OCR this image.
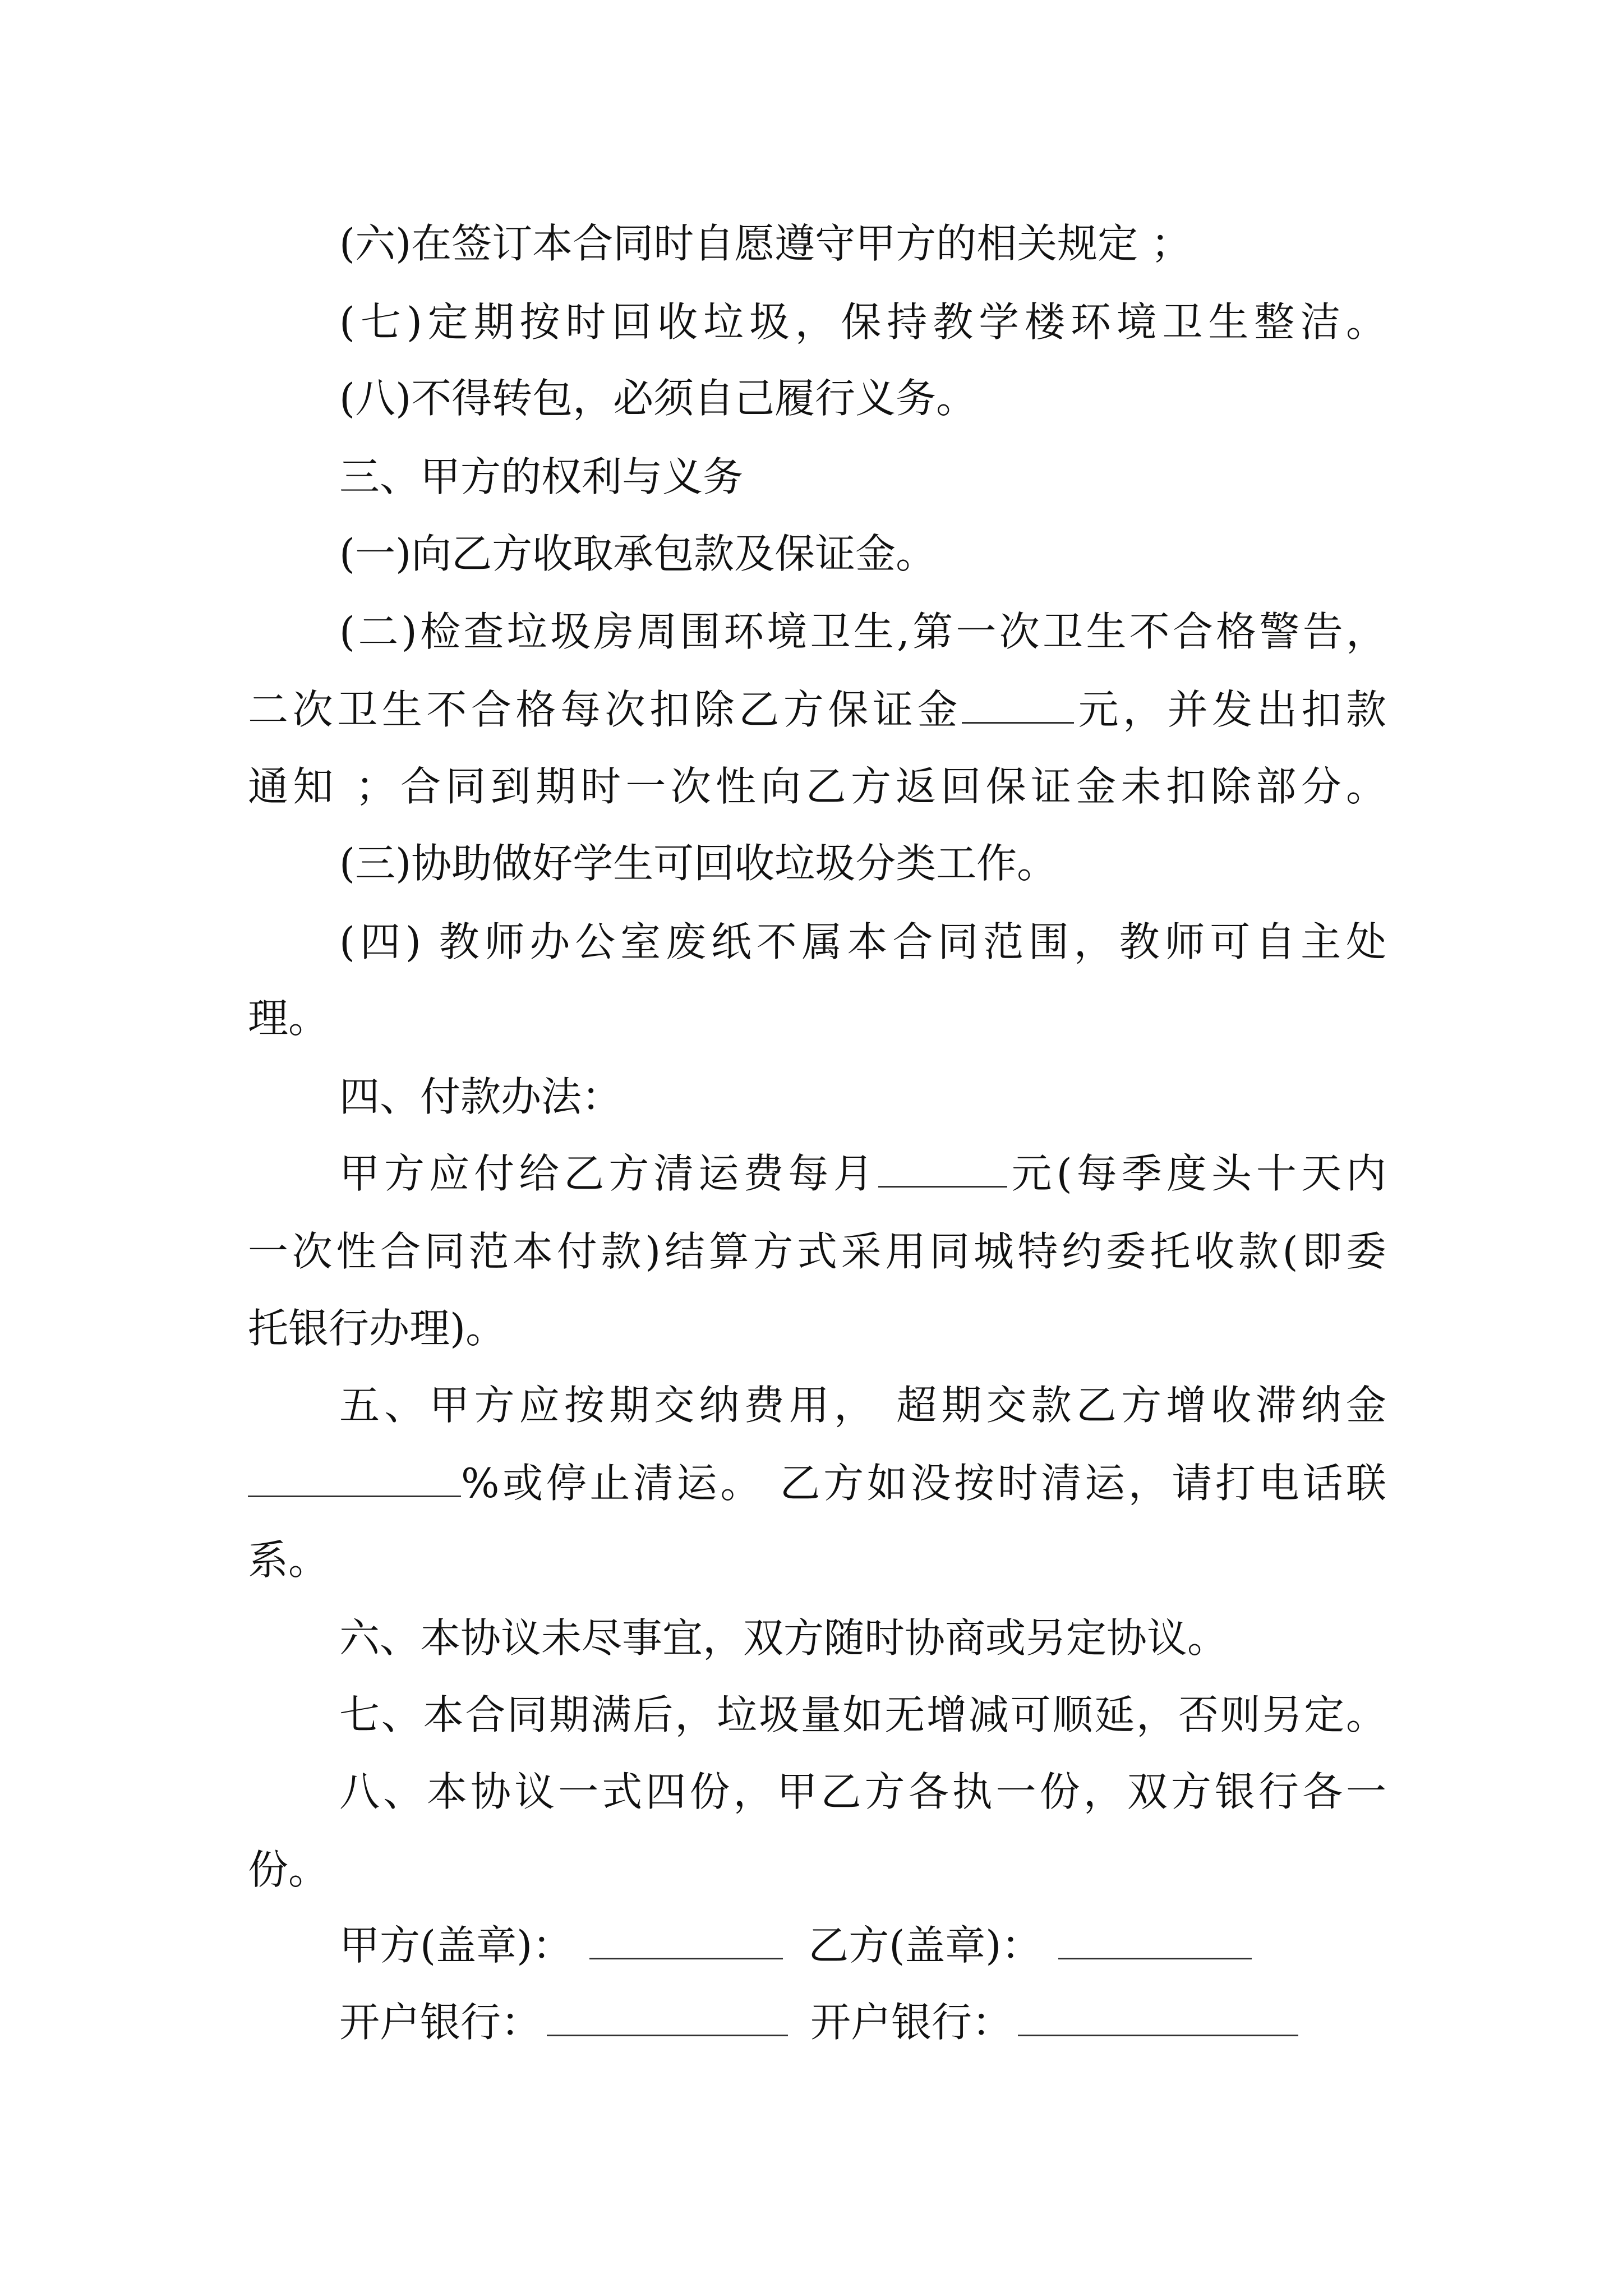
(六)在签订本合同时自愿遵守甲方的相关规定 ；
(七)定期按时回收垃圾，保持教学楼环境卫生整洁。
(八)不得转包，必须自己履行义务。
三、甲方的权利与义务
(一)向乙方收取承包款及保证金。
(二)检查垃圾房周围环境卫生,第一次卫生不合格警告，
二次卫生不合格每次扣除乙方保证金	元，并发出扣款
通知 ；合同到期时一次性向乙方返回保证金未扣除部分。
(三)协助做好学生可回收垃圾分类工作。
(四) 教师办公室废纸不属本合同范围，教师可自主处
理。
四、付款办法：
甲方应付给乙方清运费每月	元(每季度头十天内
一次性合同范本付款)结算方式采用同城特约委托收款(即委
托银行办理)。
五、甲方应按期交纳费用， 超期交款乙方增收滞纳金
%或停止清运。 乙方如没按时清运，请打电话联
系。
六、本协议未尽事宜，双方随时协商或另定协议。
七、本合同期满后，垃圾量如无增减可顺延，否则另定。
八、本协议一式四份，甲乙方各执一份，双方银行各一
份。
甲方(盖章)：	乙方(盖章)：
开户银行：	开户银行：
